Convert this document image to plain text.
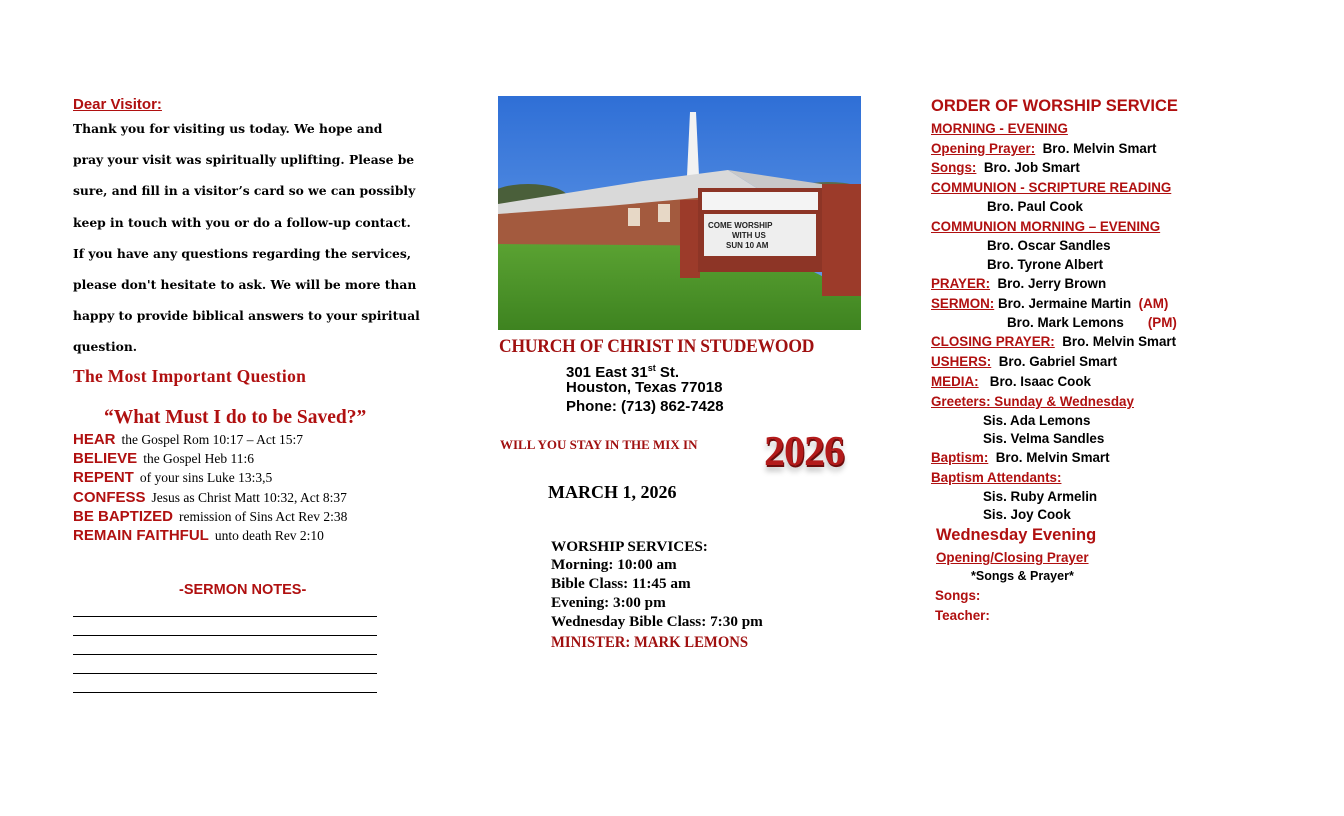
Dear Visitor:
Thank you for visiting us today. We hope and
pray your visit was spiritually uplifting. Please be
sure, and fill in a visitor’s card so we can possibly
keep in touch with you or do a follow-up contact.
If you have any questions regarding the services,
please don't hesitate to ask. We will be more than
happy to provide biblical answers to your spiritual
question.
The Most Important Question
“What Must I do to be Saved?”
HEAR the Gospel Rom 10:17 – Act 15:7
BELIEVE the Gospel Heb 11:6
REPENT of your sins Luke 13:3,5
CONFESS Jesus as Christ Matt 10:32, Act 8:37
BE BAPTIZED remission of Sins Act Rev 2:38
REMAIN FAITHFUL unto death Rev 2:10
-SERMON NOTES-
COME WORSHIP
WITH US
SUN 10 AM
CHURCH OF CHRIST IN STUDEWOOD
301 East 31st St.
Houston, Texas 77018
Phone: (713) 862-7428
WILL YOU STAY IN THE MIX IN 2026
MARCH 1, 2026
WORSHIP SERVICES:
Morning: 10:00 am
Bible Class: 11:45 am
Evening: 3:00 pm
Wednesday Bible Class: 7:30 pm
MINISTER: MARK LEMONS
ORDER OF WORSHIP SERVICE
MORNING - EVENING
Opening Prayer: Bro. Melvin Smart
Songs: Bro. Job Smart
COMMUNION - SCRIPTURE READING
Bro. Paul Cook
COMMUNION MORNING – EVENING
Bro. Oscar Sandles
Bro. Tyrone Albert
PRAYER: Bro. Jerry Brown
SERMON: Bro. Jermaine Martin (AM)
Bro. Mark Lemons (PM)
CLOSING PRAYER: Bro. Melvin Smart
USHERS: Bro. Gabriel Smart
MEDIA: Bro. Isaac Cook
Greeters: Sunday & Wednesday
Sis. Ada Lemons
Sis. Velma Sandles
Baptism: Bro. Melvin Smart
Baptism Attendants:
Sis. Ruby Armelin
Sis. Joy Cook
Wednesday Evening
Opening/Closing Prayer
*Songs & Prayer*
Songs:
Teacher:
